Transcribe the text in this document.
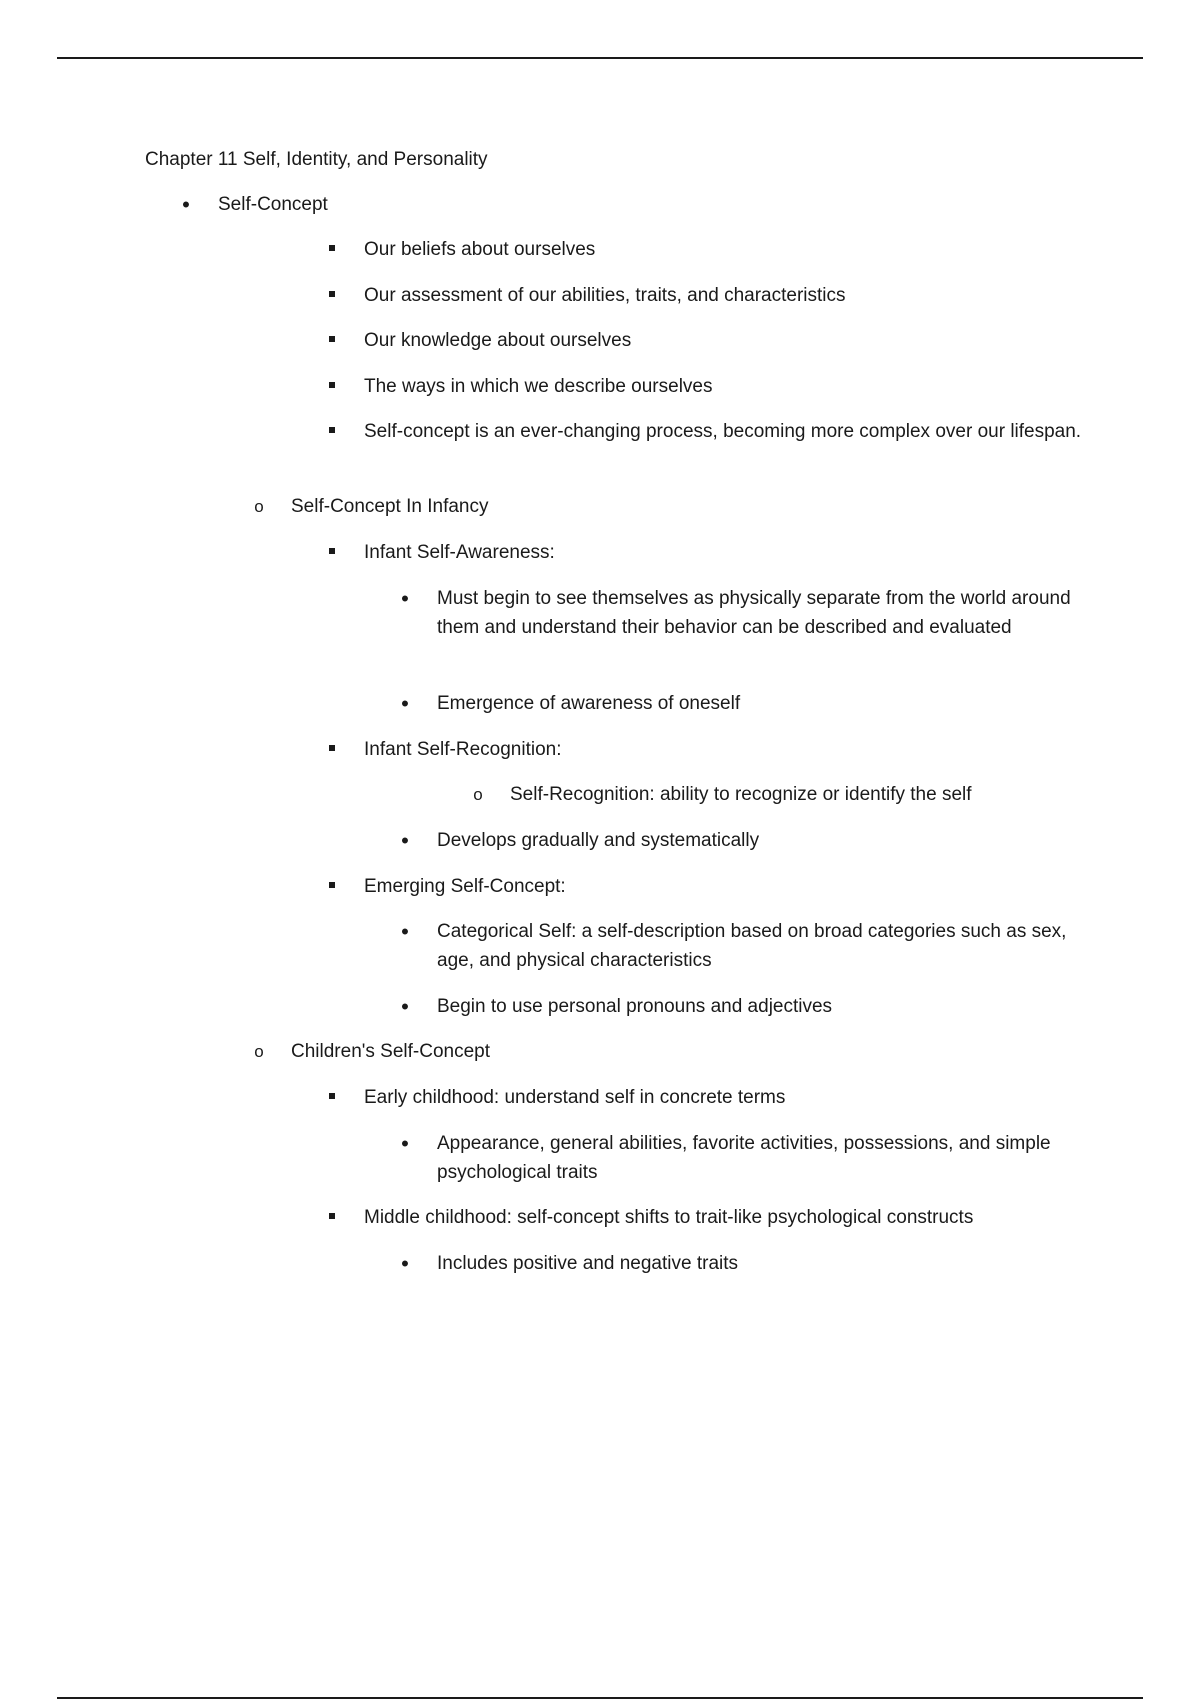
Chapter 11 Self, Identity, and Personality
•
Self-Concept
Our beliefs about ourselves
Our assessment of our abilities, traits, and characteristics
Our knowledge about ourselves
The ways in which we describe ourselves
Self-concept is an ever-changing process, becoming more complex over our lifespan.
o
Self-Concept In Infancy
Infant Self-Awareness:
•
Must begin to see themselves as physically separate from the world around them and understand their behavior can be described and evaluated
•
Emergence of awareness of oneself
Infant Self-Recognition:
o
Self-Recognition: ability to recognize or identify the self
•
Develops gradually and systematically
Emerging Self-Concept:
•
Categorical Self: a self-description based on broad categories such as sex, age, and physical characteristics
•
Begin to use personal pronouns and adjectives
o
Children's Self-Concept
Early childhood: understand self in concrete terms
•
Appearance, general abilities, favorite activities, possessions, and simple psychological traits
Middle childhood: self-concept shifts to trait-like psychological constructs
•
Includes positive and negative traits
